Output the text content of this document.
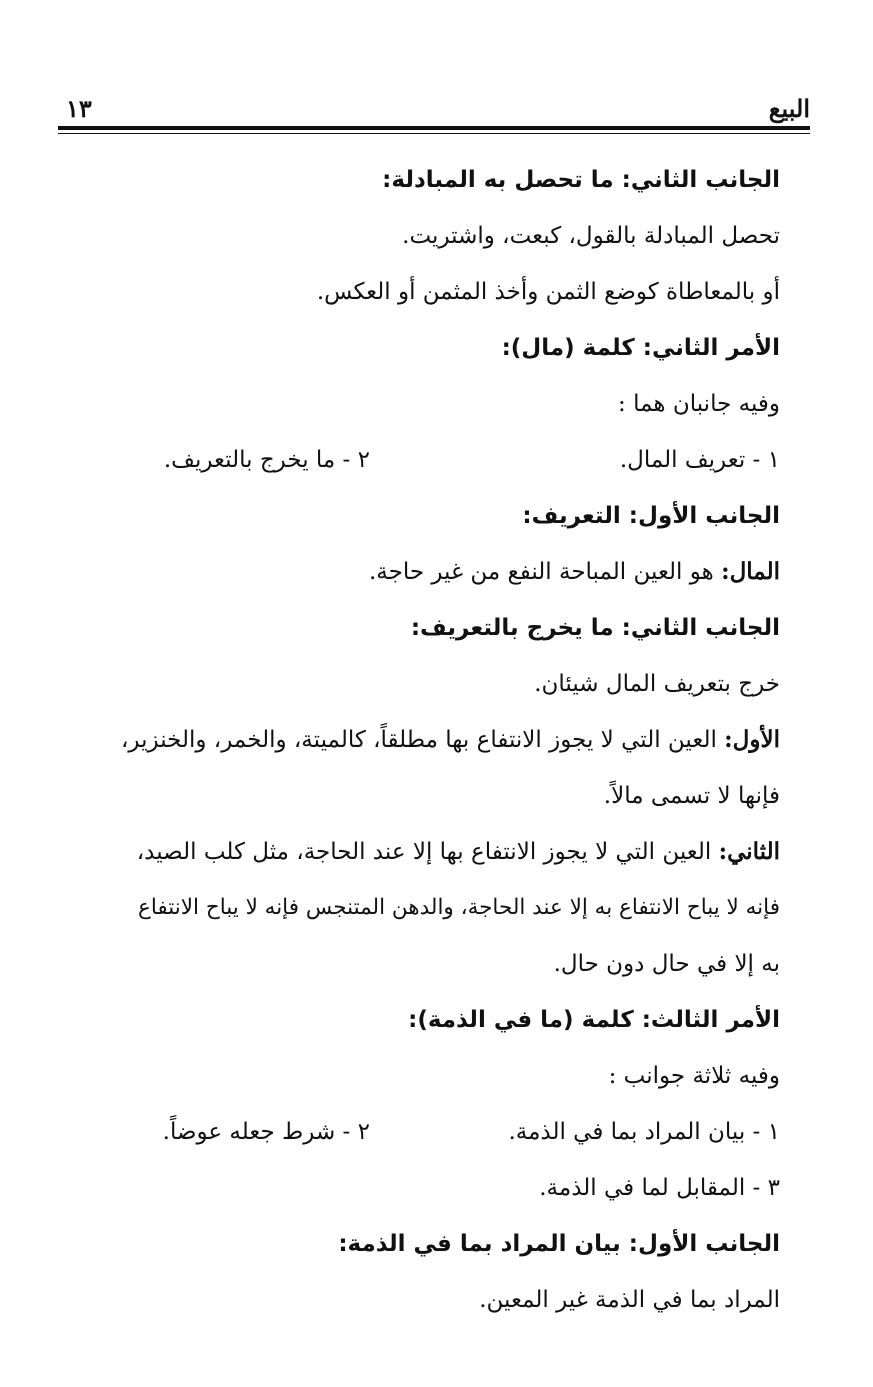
البيع
١٣
الجانب الثاني: ما تحصل به المبادلة:
تحصل المبادلة بالقول، كبعت، واشتريت.
أو بالمعاطاة كوضع الثمن وأخذ المثمن أو العكس.
الأمر الثاني: كلمة (مال):
وفيه جانبان هما :
١ - تعريف المال.
٢ - ما يخرج بالتعريف.
الجانب الأول: التعريف:
المال: هو العين المباحة النفع من غير حاجة.
الجانب الثاني: ما يخرج بالتعريف:
خرج بتعريف المال شيئان.
الأول: العين التي لا يجوز الانتفاع بها مطلقاً، كالميتة، والخمر، والخنزير،
فإنها لا تسمى مالاً.
الثاني: العين التي لا يجوز الانتفاع بها إلا عند الحاجة، مثل كلب الصيد،
فإنه لا يباح الانتفاع به إلا عند الحاجة، والدهن المتنجس فإنه لا يباح الانتفاع
به إلا في حال دون حال.
الأمر الثالث: كلمة (ما في الذمة):
وفيه ثلاثة جوانب :
١ - بيان المراد بما في الذمة.
٢ - شرط جعله عوضاً.
٣ - المقابل لما في الذمة.
الجانب الأول: بيان المراد بما في الذمة:
المراد بما في الذمة غير المعين.
